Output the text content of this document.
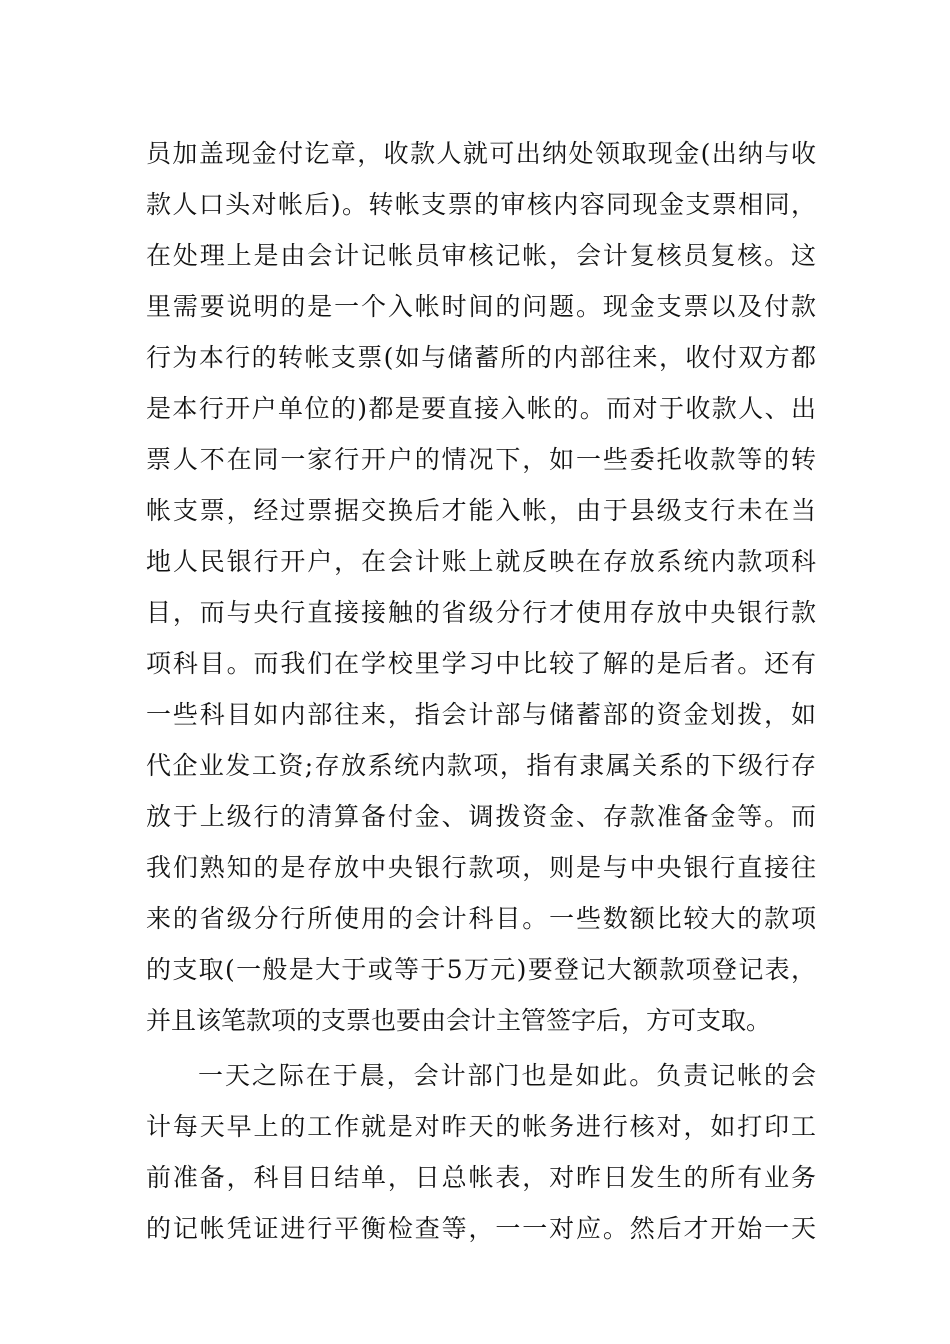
员加盖现金付讫章，收款人就可出纳处领取现金(出纳与收
款人口头对帐后)。转帐支票的审核内容同现金支票相同，
在处理上是由会计记帐员审核记帐，会计复核员复核。这
里需要说明的是一个入帐时间的问题。现金支票以及付款
行为本行的转帐支票(如与储蓄所的内部往来，收付双方都
是本行开户单位的)都是要直接入帐的。而对于收款人、出
票人不在同一家行开户的情况下，如一些委托收款等的转
帐支票，经过票据交换后才能入帐，由于县级支行未在当
地人民银行开户，在会计账上就反映在存放系统内款项科
目，而与央行直接接触的省级分行才使用存放中央银行款
项科目。而我们在学校里学习中比较了解的是后者。还有
一些科目如内部往来，指会计部与储蓄部的资金划拨，如
代企业发工资;存放系统内款项，指有隶属关系的下级行存
放于上级行的清算备付金、调拨资金、存款准备金等。而
我们熟知的是存放中央银行款项，则是与中央银行直接往
来的省级分行所使用的会计科目。一些数额比较大的款项
的支取(一般是大于或等于5万元)要登记大额款项登记表，
并且该笔款项的支票也要由会计主管签字后，方可支取。
一天之际在于晨，会计部门也是如此。负责记帐的会
计每天早上的工作就是对昨天的帐务进行核对，如打印工
前准备，科目日结单，日总帐表，对昨日发生的所有业务
的记帐凭证进行平衡检查等，一一对应。然后才开始一天
